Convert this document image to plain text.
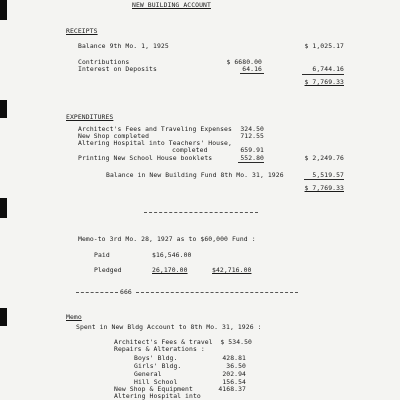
NEW BUILDING ACCOUNT
RECEIPTS
Balance 9th Mo. 1, 1925	$ 1,025.17
Contributions	$ 6680.00
Interest on Deposits	64.16	6,744.16
$ 7,769.33
EXPENDITURES
Architect's Fees and Traveling Expenses	324.50
New Shop completed	712.55
Altering Hospital into Teachers' House,
completed	659.91
Printing New School House booklets	552.80	$ 2,249.76
Balance in New Building Fund 8th Mo. 31, 1926	5,519.57
$ 7,769.33
Memo-to 3rd Mo. 28, 1927 as to $60,000 Fund :
Paid	$16,546.00
Pledged	26,170.00	$42,716.00
666
Memo
Spent in New Bldg Account to 8th Mo. 31, 1926 :
Architect's Fees & travel	$ 534.50
Repairs & Alterations :
Boys' Bldg.	428.81
Girls' Bldg.	36.50
General	202.94
Hill School	156.54
New Shop & Equipment	4168.37
Altering Hospital into
